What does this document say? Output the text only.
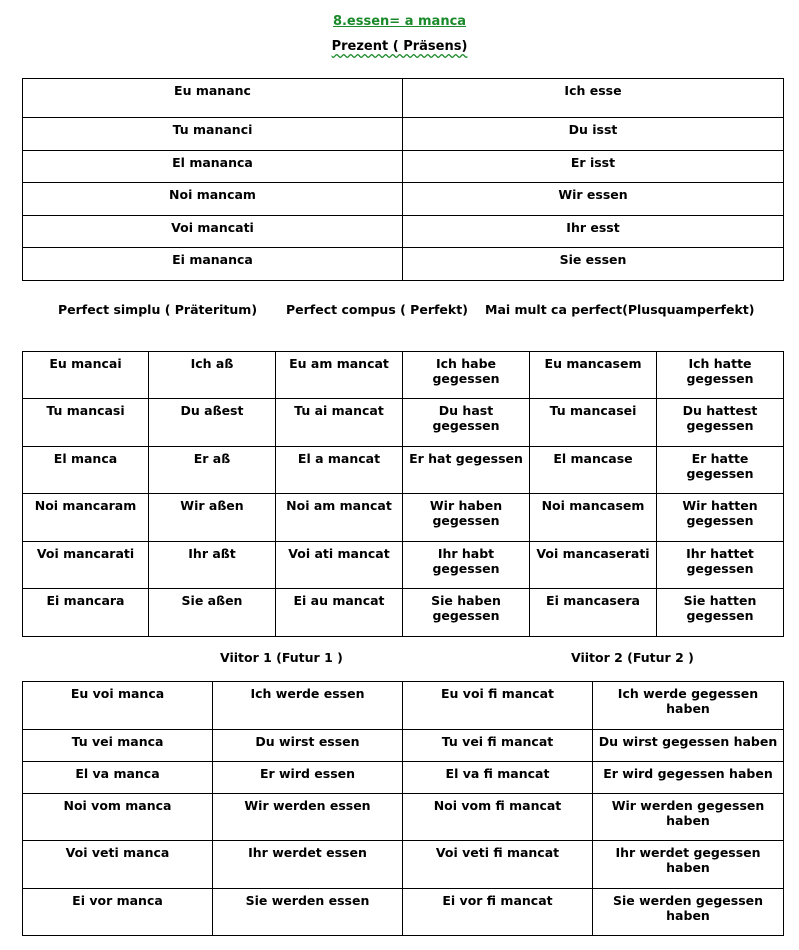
8.essen= a manca
Prezent ( Präsens)
Eu mananc	Ich esse
Tu mananci	Du isst
El mananca	Er isst
Noi mancam	Wir essen
Voi mancati	Ihr esst
Ei mananca	Sie essen
Perfect simplu ( Präteritum) Perfect compus ( Perfekt) Mai mult ca perfect(Plusquamperfekt)
Eu mancai	Ich aß	Eu am mancat	Ich habe gegessen	Eu mancasem	Ich hatte gegessen
Tu mancasi	Du aßest	Tu ai mancat	Du hast gegessen	Tu mancasei	Du hattest gegessen
El manca	Er aß	El a mancat	Er hat gegessen	El mancase	Er hatte gegessen
Noi mancaram	Wir aßen	Noi am mancat	Wir haben gegessen	Noi mancasem	Wir hatten gegessen
Voi mancarati	Ihr aßt	Voi ati mancat	Ihr habt gegessen	Voi mancaserati	Ihr hattet gegessen
Ei mancara	Sie aßen	Ei au mancat	Sie haben gegessen	Ei mancasera	Sie hatten gegessen
Viitor 1 (Futur 1 )	Viitor 2 (Futur 2 )
Eu voi manca	Ich werde essen	Eu voi fi mancat	Ich werde gegessen haben
Tu vei manca	Du wirst essen	Tu vei fi mancat	Du wirst gegessen haben
El va manca	Er wird essen	El va fi mancat	Er wird gegessen haben
Noi vom manca	Wir werden essen	Noi vom fi mancat	Wir werden gegessen haben
Voi veti manca	Ihr werdet essen	Voi veti fi mancat	Ihr werdet gegessen haben
Ei vor manca	Sie werden essen	Ei vor fi mancat	Sie werden gegessen haben
